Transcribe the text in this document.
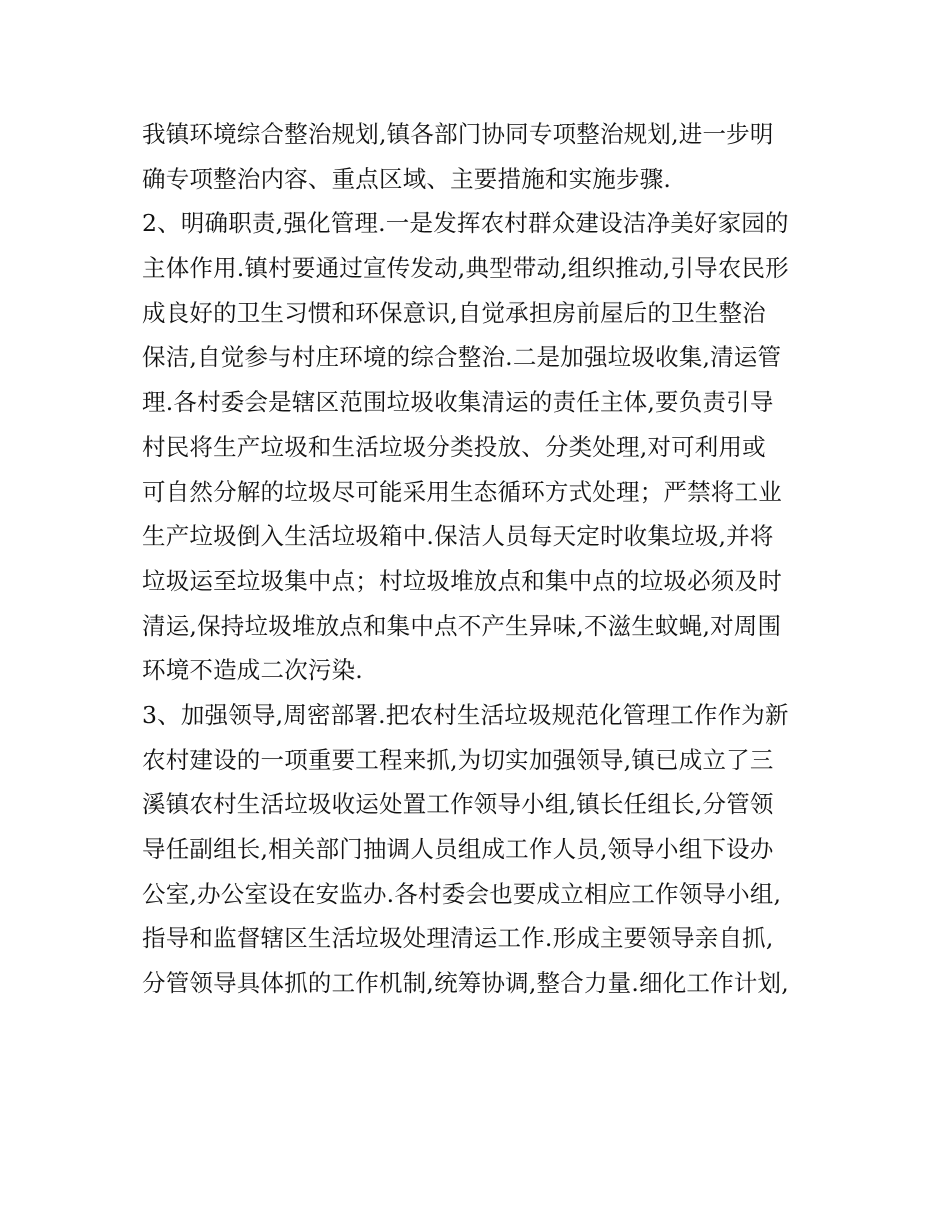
我镇环境综合整治规划,镇各部门协同专项整治规划,进一步明
确专项整治内容、重点区域、主要措施和实施步骤.
2、明确职责,强化管理.一是发挥农村群众建设洁净美好家园的
主体作用.镇村要通过宣传发动,典型带动,组织推动,引导农民形
成良好的卫生习惯和环保意识,自觉承担房前屋后的卫生整治
保洁,自觉参与村庄环境的综合整治.二是加强垃圾收集,清运管
理.各村委会是辖区范围垃圾收集清运的责任主体,要负责引导
村民将生产垃圾和生活垃圾分类投放、分类处理,对可利用或
可自然分解的垃圾尽可能采用生态循环方式处理；严禁将工业
生产垃圾倒入生活垃圾箱中.保洁人员每天定时收集垃圾,并将
垃圾运至垃圾集中点；村垃圾堆放点和集中点的垃圾必须及时
清运,保持垃圾堆放点和集中点不产生异味,不滋生蚊蝇,对周围
环境不造成二次污染.
3、加强领导,周密部署.把农村生活垃圾规范化管理工作作为新
农村建设的一项重要工程来抓,为切实加强领导,镇已成立了三
溪镇农村生活垃圾收运处置工作领导小组,镇长任组长,分管领
导任副组长,相关部门抽调人员组成工作人员,领导小组下设办
公室,办公室设在安监办.各村委会也要成立相应工作领导小组,
指导和监督辖区生活垃圾处理清运工作.形成主要领导亲自抓,
分管领导具体抓的工作机制,统筹协调,整合力量.细化工作计划,
